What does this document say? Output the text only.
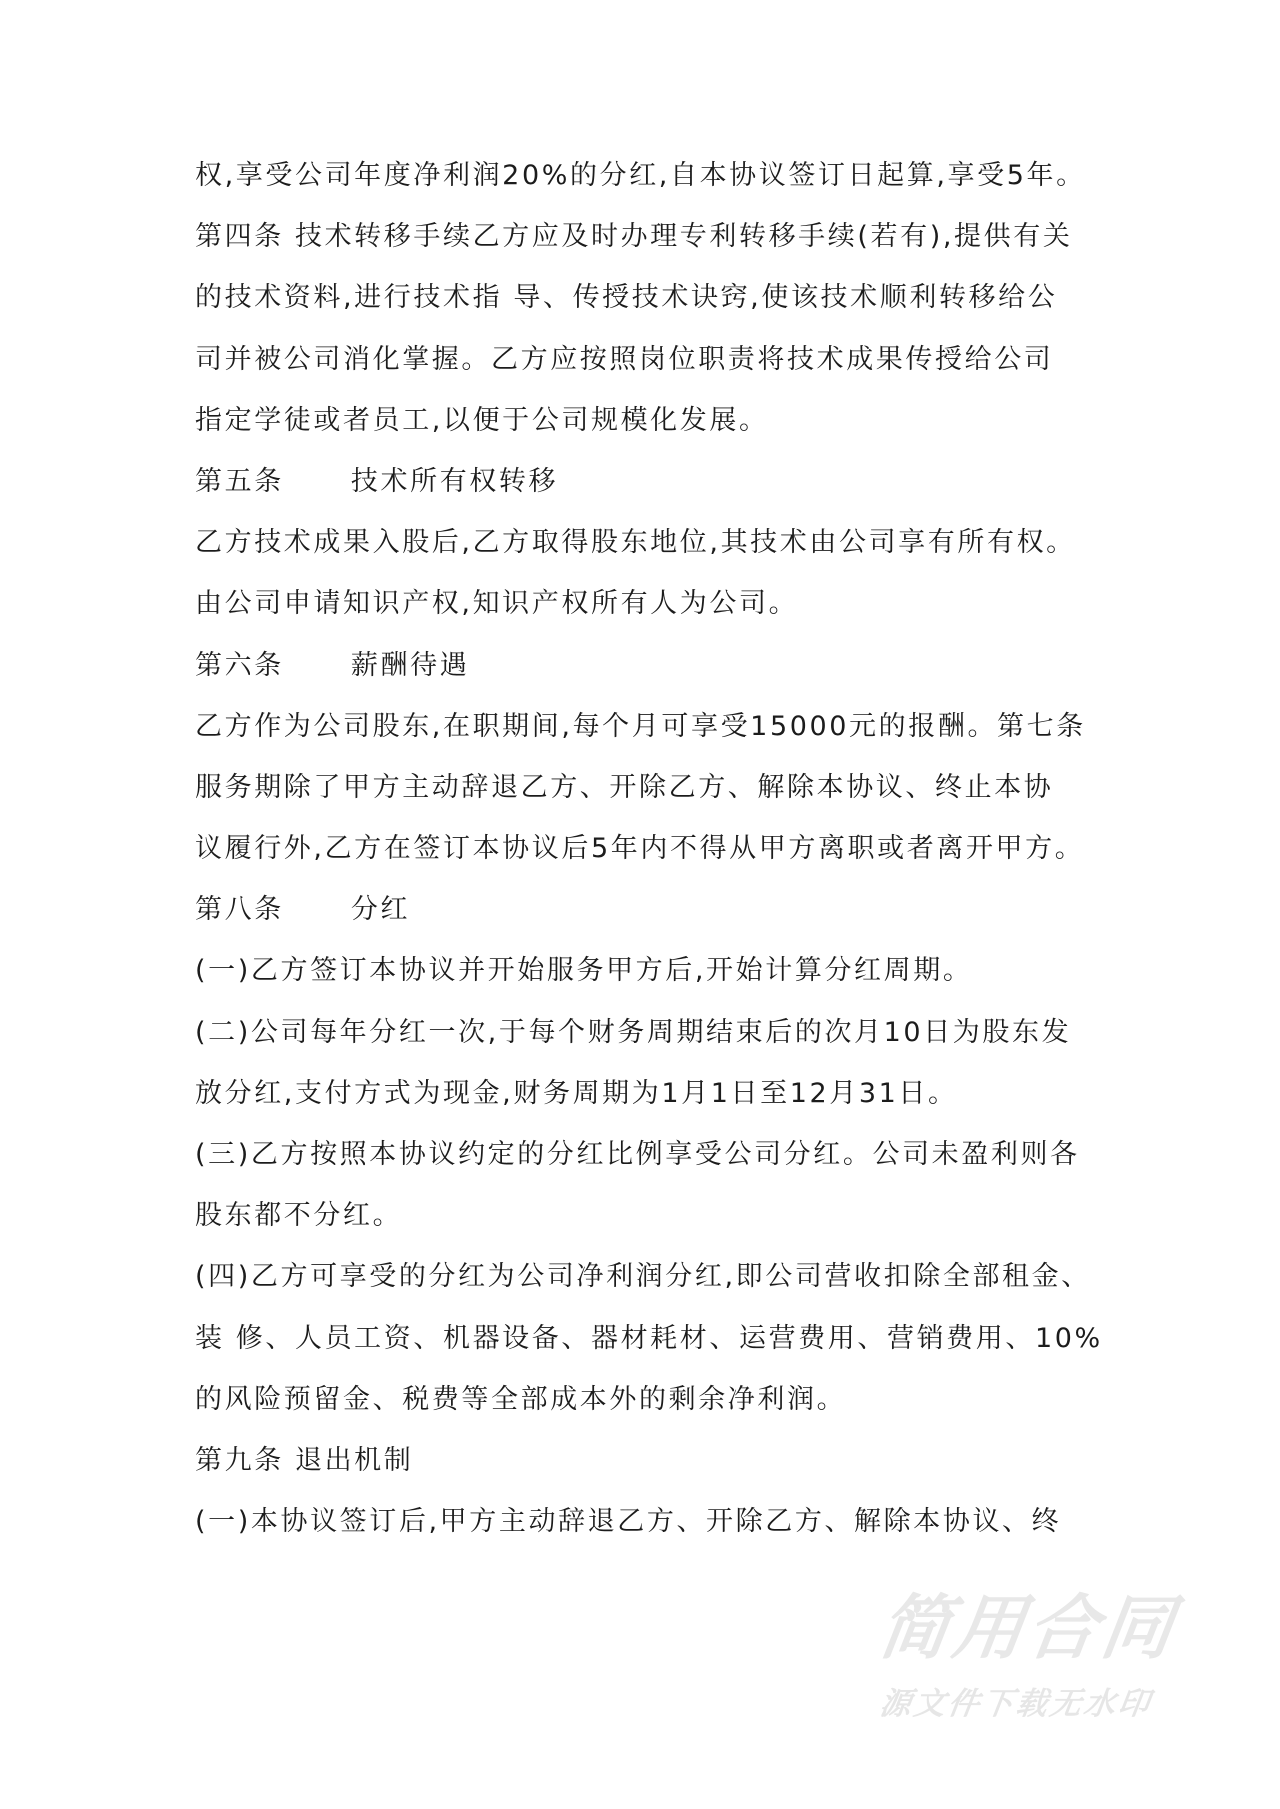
权,享受公司年度净利润20%的分红,自本协议签订日起算,享受5年。
第四条 技术转移手续乙方应及时办理专利转移手续(若有),提供有关
的技术资料,进行技术指 导、传授技术诀窍,使该技术顺利转移给公
司并被公司消化掌握。乙方应按照岗位职责将技术成果传授给公司
指定学徒或者员工,以便于公司规模化发展。
第五条      技术所有权转移
乙方技术成果入股后,乙方取得股东地位,其技术由公司享有所有权。
由公司申请知识产权,知识产权所有人为公司。
第六条      薪酬待遇
乙方作为公司股东,在职期间,每个月可享受15000元的报酬。第七条
服务期除了甲方主动辞退乙方、开除乙方、解除本协议、终止本协
议履行外,乙方在签订本协议后5年内不得从甲方离职或者离开甲方。
第八条      分红
(一)乙方签订本协议并开始服务甲方后,开始计算分红周期。
(二)公司每年分红一次,于每个财务周期结束后的次月10日为股东发
放分红,支付方式为现金,财务周期为1月1日至12月31日。
(三)乙方按照本协议约定的分红比例享受公司分红。公司未盈利则各
股东都不分红。
(四)乙方可享受的分红为公司净利润分红,即公司营收扣除全部租金、
装 修、人员工资、机器设备、器材耗材、运营费用、营销费用、10%
的风险预留金、税费等全部成本外的剩余净利润。
第九条 退出机制
(一)本协议签订后,甲方主动辞退乙方、开除乙方、解除本协议、终
简用合同
源文件下载无水印
